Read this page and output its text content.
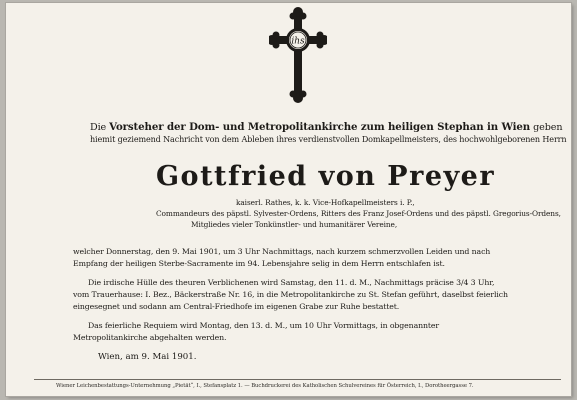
ihs
Die Vorsteher der Dom- und Metropolitankirche zum heiligen Stephan in Wien geben
hiemit geziemend Nachricht von dem Ableben ihres verdienstvollen Domkapellmeisters, des hochwohlgeborenen Herrn
Gottfried von Preyer
kaiserl. Rathes, k. k. Vice-Hofkapellmeisters i. P.,
Commandeurs des päpstl. Sylvester-Ordens, Ritters des Franz Josef-Ordens und des päpstl. Gregorius-Ordens,
Mitgliedes vieler Tonkünstler- und humanitärer Vereine,
welcher Donnerstag, den 9. Mai 1901, um 3 Uhr Nachmittags, nach kurzem schmerzvollen Leiden und nach
Empfang der heiligen Sterbe-Sacramente im 94. Lebensjahre selig in dem Herrn entschlafen ist.
Die irdische Hülle des theuren Verblichenen wird Samstag, den 11. d. M., Nachmittags präcise 3/4 3 Uhr,
vom Trauerhause: I. Bez., Bäckerstraße Nr. 16, in die Metropolitankirche zu St. Stefan geführt, daselbst feierlich
eingesegnet und sodann am Central-Friedhofe im eigenen Grabe zur Ruhe bestattet.
Das feierliche Requiem wird Montag, den 13. d. M., um 10 Uhr Vormittags, in obgenannter
Metropolitankirche abgehalten werden.
Wien, am 9. Mai 1901.
Wiener Leichenbestattungs-Unternehmung „Pietät“, I., Stefansplatz 1. — Buchdruckerei des Katholischen Schulvereines für Österreich, I., Dorotheergasse 7.
